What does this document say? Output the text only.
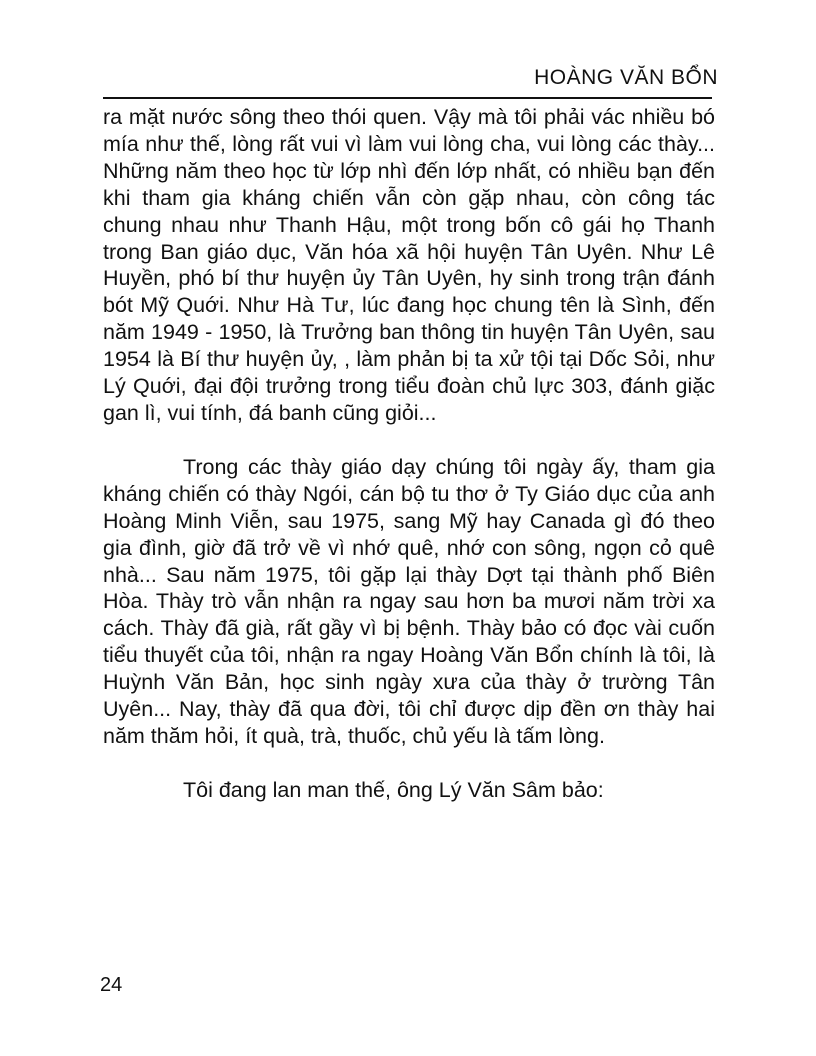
HOÀNG VĂN BỔN

ra mặt nước sông theo thói quen. Vậy mà tôi phải vác nhiều bó mía như thế, lòng rất vui vì làm vui lòng cha, vui lòng các thày... Những năm theo học từ lớp nhì đến lớp nhất, có nhiều bạn đến khi tham gia kháng chiến vẫn còn gặp nhau, còn công tác chung nhau như Thanh Hậu, một trong bốn cô gái họ Thanh trong Ban giáo dục, Văn hóa xã hội huyện Tân Uyên. Như Lê Huyền, phó bí thư huyện ủy Tân Uyên, hy sinh trong trận đánh bót Mỹ Quới. Như Hà Tư, lúc đang học chung tên là Sình, đến năm 1949 - 1950, là Trưởng ban thông tin huyện Tân Uyên, sau 1954 là Bí thư huyện ủy, , làm phản bị ta xử tội tại Dốc Sỏi, như Lý Quới, đại đội trưởng trong tiểu đoàn chủ lực 303, đánh giặc gan lì, vui tính, đá banh cũng giỏi...

Trong các thày giáo dạy chúng tôi ngày ấy, tham gia kháng chiến có thày Ngói, cán bộ tu thơ ở Ty Giáo dục của anh Hoàng Minh Viễn, sau 1975, sang Mỹ hay Canada gì đó theo gia đình, giờ đã trở về vì nhớ quê, nhớ con sông, ngọn cỏ quê nhà... Sau năm 1975, tôi gặp lại thày Dợt tại thành phố Biên Hòa. Thày trò vẫn nhận ra ngay sau hơn ba mươi năm trời xa cách. Thày đã già, rất gầy vì bị bệnh. Thày bảo có đọc vài cuốn tiểu thuyết của tôi, nhận ra ngay Hoàng Văn Bổn chính là tôi, là Huỳnh Văn Bản, học sinh ngày xưa của thày ở trường Tân Uyên... Nay, thày đã qua đời, tôi chỉ được dịp đền ơn thày hai năm thăm hỏi, ít quà, trà, thuốc, chủ yếu là tấm lòng.

Tôi đang lan man thế, ông Lý Văn Sâm bảo:

24
